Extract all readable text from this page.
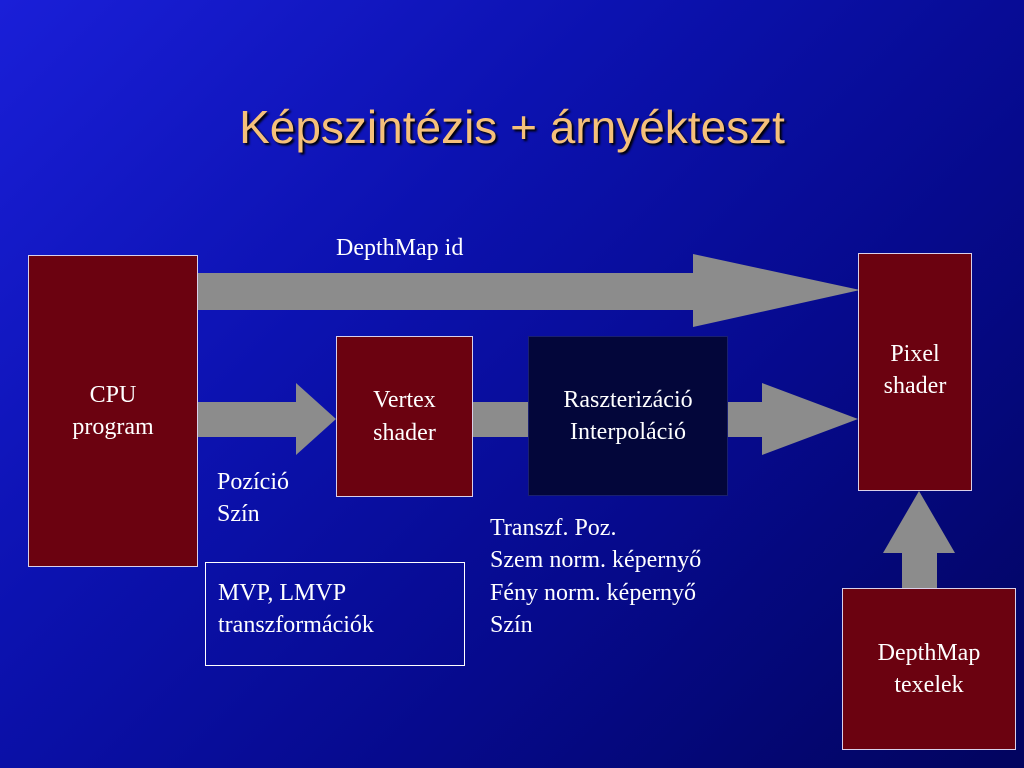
Képszintézis + árnyékteszt
CPU
program
Vertex
shader
Raszterizáció
Interpoláció
Pixel
shader
DepthMap
texelek
DepthMap id
Pozíció
Szín
MVP, LMVP
transzformációk
Transzf. Poz.
Szem norm. képernyő
Fény norm. képernyő
Szín
